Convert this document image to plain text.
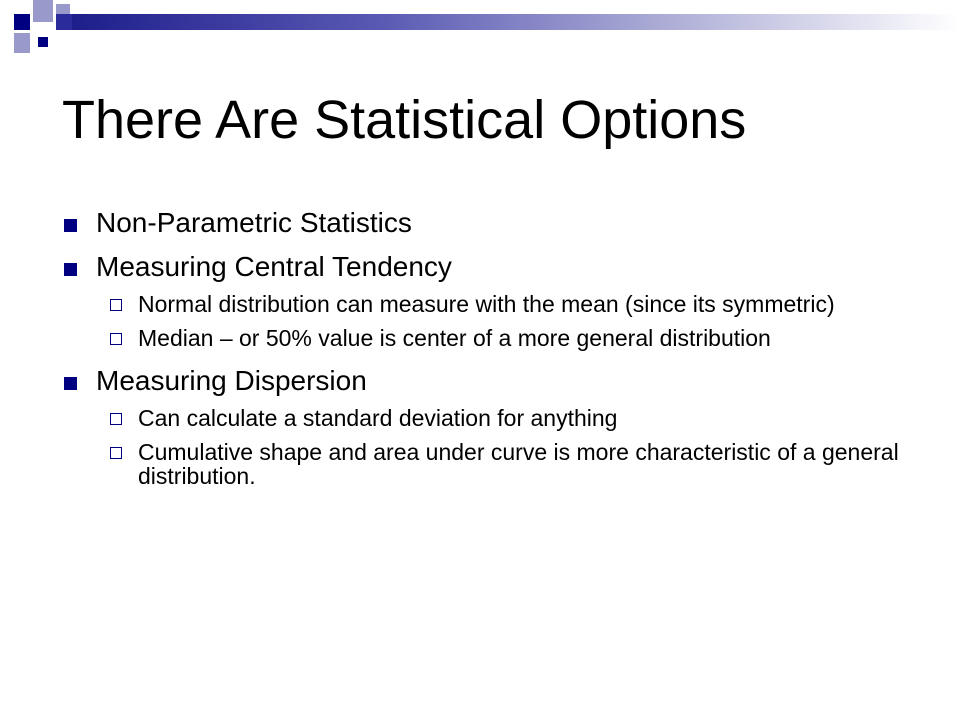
There Are Statistical Options
Non-Parametric Statistics
Measuring Central Tendency
Normal distribution can measure with the mean (since its symmetric)
Median – or 50% value is center of a more general distribution
Measuring Dispersion
Can calculate a standard deviation for anything
Cumulative shape and area under curve is more characteristic of a general distribution.
